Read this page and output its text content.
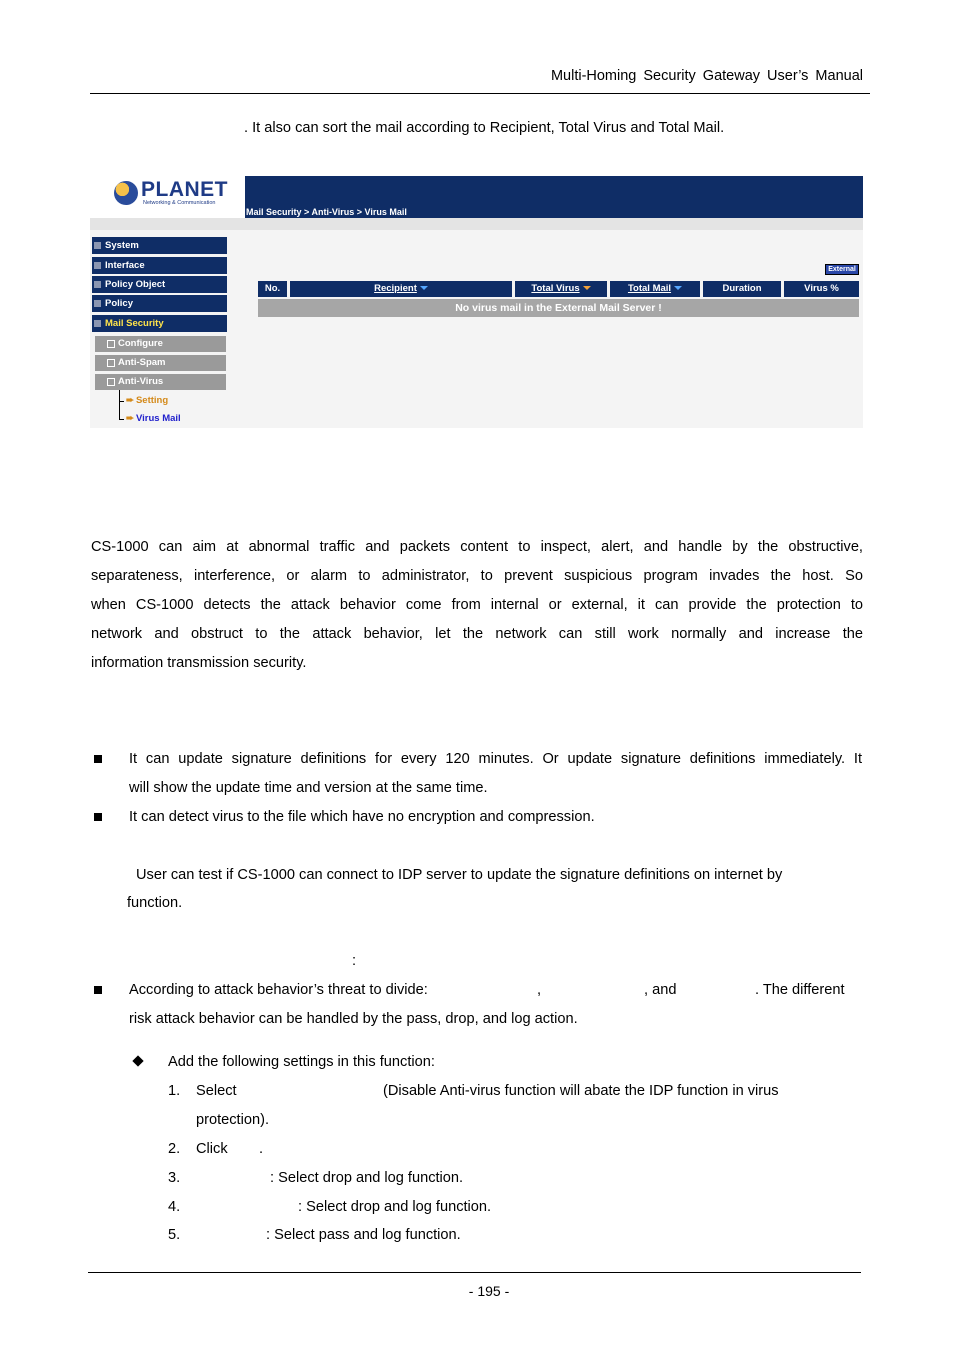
Multi-Homing Security Gateway User’s Manual
. It also can sort the mail according to Recipient, Total Virus and Total Mail.
PLANET
Networking & Communication
Mail Security > Anti-Virus > Virus Mail
System
Interface
Policy Object
Policy
Mail Security
Configure
Anti-Spam
Anti-Virus
➨ Setting
➨ Virus Mail
External
No.	Recipient	Total Virus	Total Mail	Duration	Virus %
No virus mail in the External Mail Server !
CS-1000 can aim at abnormal traffic and packets content to inspect, alert, and handle by the obstructive,
separateness, interference, or alarm to administrator, to prevent suspicious program invades the host. So
when CS-1000 detects the attack behavior come from internal or external, it can provide the protection to
network and obstruct to the attack behavior, let the network can still work normally and increase the
information transmission security.
It can update signature definitions for every 120 minutes. Or update signature definitions immediately. It
will show the update time and version at the same time.
It can detect virus to the file which have no encryption and compression.
User can test if CS-1000 can connect to IDP server to update the signature definitions on internet by
function.
:
According to attack behavior’s threat to divide:	,	, and	. The different
risk attack behavior can be handled by the pass, drop, and log action.
Add the following settings in this function:
1. Select	(Disable Anti-virus function will abate the IDP function in virus
protection).
2. Click .
3.	: Select drop and log function.
4.	: Select drop and log function.
5.	: Select pass and log function.
- 195 -
